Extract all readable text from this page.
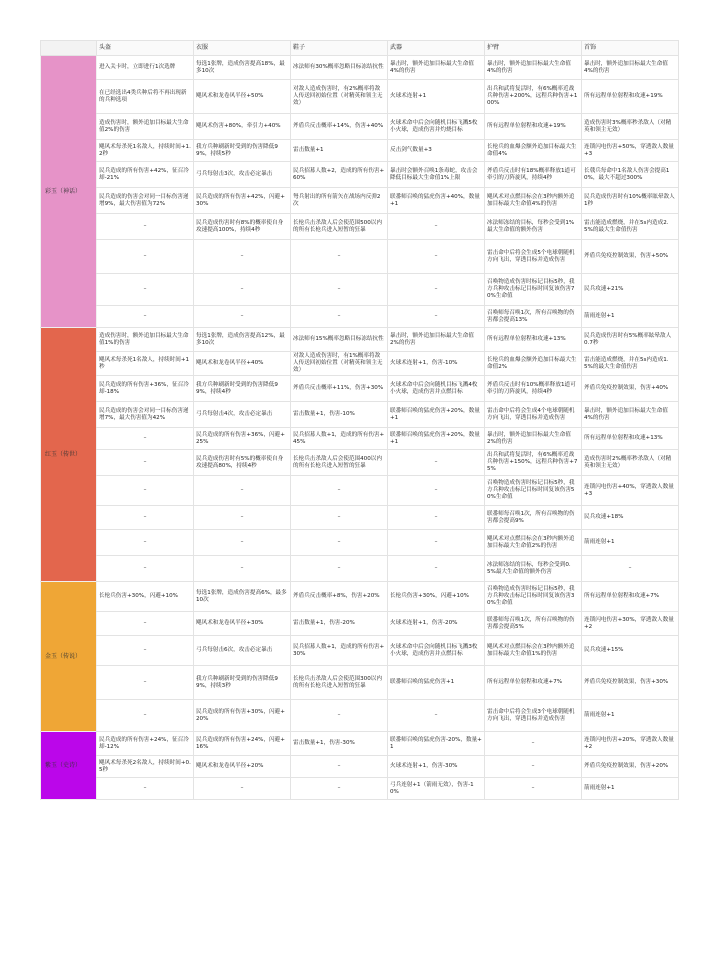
	头盔	衣服	鞋子	武器	护臂	首饰
彩玉（神话）	进入关卡时，立即进行1次选牌	每选1张牌，造成伤害提高18%，最多10次	冰法师有30%概率忽略目标冻结抗性	暴击时，额外追加目标最大生命值4%的伤害	暴击时，额外追加目标最大生命值4%的伤害	暴击时，额外追加目标最大生命值4%的伤害
	在已经选出4类兵种后将不再出现新的兵种选项	飓风术和龙卷风半径+50%	对敌人造成伤害时，有2%概率将敌人传送回初始位置（对精英和领主无效）	火球术连射+1	出兵和武将复活时，有6%概率近战兵种伤害+200%，远程兵种伤害+100%	所有远程单位射程和攻速+19%
	造成伤害时，额外追加目标最大生命值2%的伤害	飓风术伤害+80%，牵引力+40%	斧盾兵反击概率+14%，伤害+40%	火球术命中后会向随机目标飞溅5枚小火球，造成伤害并灼烧目标	所有远程单位射程和攻速+19%	造成伤害时3%概率秒杀敌人（对精英和领主无效）
	飓风术每杀死1名敌人，持续时间+1.2秒	我方兵种刷新时受到的伤害降低99%，持续5秒	雷击数量+1	反击剑气数量+3	长枪兵的血爆会额外追加目标最大生命值4%	连锁闪电伤害+50%，穿透敌人数量+3
	民兵造成的所有伤害+42%，征召冷却-21%	弓兵每射击3次，攻击必定暴击	民兵招募人数+2，造成的所有伤害+60%	暴击时会额外召唤1条毒蛇，攻击会降低目标最大生命值1%上限	斧盾兵反击时有18%概率释放1道可牵引的刀阵旋风，持续4秒	长戟兵每命中1名敌人伤害会提高10%，最大不超过300%
	民兵造成的伤害会对同一目标伤害递增9%，最大伤害值为72%	民兵造成的所有伤害+42%，闪避+30%	弩兵射出的所有箭矢在战场内反弹2次	联番师召唤的猛虎伤害+40%，数量+1	飓风术对点燃目标会在3秒内额外追加目标最大生命值4%的伤害	民兵造成伤害时有10%概率眩晕敌人1秒
	–	民兵造成伤害时有8%的概率使自身攻速提高100%，持续4秒	长枪兵击杀敌人后会使范围500以内的所有长枪兵进入短暂的狂暴	–	冰法师冻结的目标，每秒会受到1%最大生命值的额外伤害	雷击能造成燃烧，并在5s内造成2.5%的最大生命值伤害
	–	–	–	–	雷击命中后将会生成5个电球朝随机方向飞出，穿透目标并造成伤害	斧盾兵免疫控制效果，伤害+50%
	–	–	–	–	召唤物造成伤害时标记目标5秒，我方兵种攻击标记目标时回复该伤害70%生命值	民兵攻速+21%
	–	–	–	–	召唤师每召唤1次，所有召唤物的伤害都会提高13%	箭雨连射+1
红玉（传世）	造成伤害时，额外追加目标最大生命值1%的伤害	每选1张牌，造成伤害提高12%，最多10次	冰法师有15%概率忽略目标冻结抗性	暴击时，额外追加目标最大生命值2%的伤害	所有远程单位射程和攻速+13%	民兵造成伤害时有5%概率眩晕敌人0.7秒
	飓风术每杀死1名敌人，持续时间+1秒	飓风术和龙卷风半径+40%	对敌人造成伤害时，有1%概率将敌人传送回初始位置（对精英和领主无效）	火球术连射+1，伤害-10%	长枪兵的血爆会额外追加目标最大生命值2%	雷击能造成燃烧，并在5s内造成1.5%的最大生命值伤害
	民兵造成的所有伤害+36%，征召冷却-18%	我方兵种刷新时受到的伤害降低99%，持续4秒	斧盾兵反击概率+11%，伤害+30%	火球术命中后会向随机目标飞溅4枚小火球，造成伤害并点燃目标	斧盾兵反击时有10%概率释放1道可牵引的刀阵旋风，持续4秒	斧盾兵免疫控制效果，伤害+40%
	民兵造成的伤害会对同一目标伤害递增7%，最大伤害值为42%	弓兵每射击4次，攻击必定暴击	雷击数量+1，伤害-10%	联番师召唤的猛虎伤害+20%，数量+1	雷击命中后将会生成4个电球朝随机方向飞出，穿透目标并造成伤害	暴击时，额外追加目标最大生命值4%的伤害
	–	民兵造成的所有伤害+36%，闪避+25%	民兵招募人数+1，造成的所有伤害+45%	联番师召唤的猛虎伤害+20%，数量+1	暴击时，额外追加目标最大生命值2%的伤害	所有远程单位射程和攻速+13%
	–	民兵造成伤害时有5%的概率使自身攻速提高80%，持续4秒	长枪兵击杀敌人后会使范围400以内的所有长枪兵进入短暂的狂暴	–	出兵和武将复活时，有6%概率近战兵种伤害+150%，远程兵种伤害+75%	造成伤害时2%概率秒杀敌人（对精英和领主无效）
	–	–	–	–	召唤物造成伤害时标记目标5秒，我方兵种攻击标记目标时回复该伤害50%生命值	连锁闪电伤害+40%，穿透敌人数量+3
	–	–	–	–	联番师每召唤1次，所有召唤物的伤害都会提高9%	民兵攻速+18%
	–	–	–	–	飓风术对点燃目标会在3秒内额外追加目标最大生命值2%的伤害	箭雨连射+1
	–	–	–	–	冰法师冻结的目标，每秒会受到0.5%最大生命值的额外伤害	–
金玉（传说）	长枪兵伤害+30%，闪避+10%	每选1张牌，造成伤害提高6%，最多10次	斧盾兵反击概率+8%，伤害+20%	长枪兵伤害+30%，闪避+10%	召唤物造成伤害时标记目标5秒，我方兵种攻击标记目标时回复该伤害30%生命值	所有远程单位射程和攻速+7%
	–	飓风术和龙卷风半径+30%	雷击数量+1，伤害-20%	火球术连射+1，伤害-20%	联番师每召唤1次，所有召唤物的伤害都会提高5%	连锁闪电伤害+30%，穿透敌人数量+2
	–	弓兵每射击6次，攻击必定暴击	民兵招募人数+1，造成的所有伤害+30%	火球术命中后会向随机目标飞溅3枚小火球，造成伤害并点燃目标	飓风术对点燃目标会在3秒内额外追加目标最大生命值1%的伤害	民兵攻速+15%
	–	我方兵种刷新时受到的伤害降低99%，持续3秒	长枪兵击杀敌人后会使范围300以内的所有长枪兵进入短暂的狂暴	联番师召唤的猛虎伤害+1	所有远程单位射程和攻速+7%	斧盾兵免疫控制效果，伤害+30%
	–	民兵造成的所有伤害+30%，闪避+20%	–	–	雷击命中后将会生成3个电球朝随机方向飞出，穿透目标并造成伤害	箭雨连射+1
紫玉（史诗）	民兵造成的所有伤害+24%，征召冷却-12%	民兵造成的所有伤害+24%，闪避+16%	雷击数量+1，伤害-30%	联番师召唤的猛虎伤害-20%，数量+1	–	连锁闪电伤害+20%，穿透敌人数量+2
	飓风术每杀死2名敌人，持续时间+0.5秒	飓风术和龙卷风半径+20%	–	火球术连射+1，伤害-30%	–	斧盾兵免疫控制效果，伤害+20%
	–	–	–	弓兵连射+1（箭雨无效），伤害-10%	–	箭雨连射+1
